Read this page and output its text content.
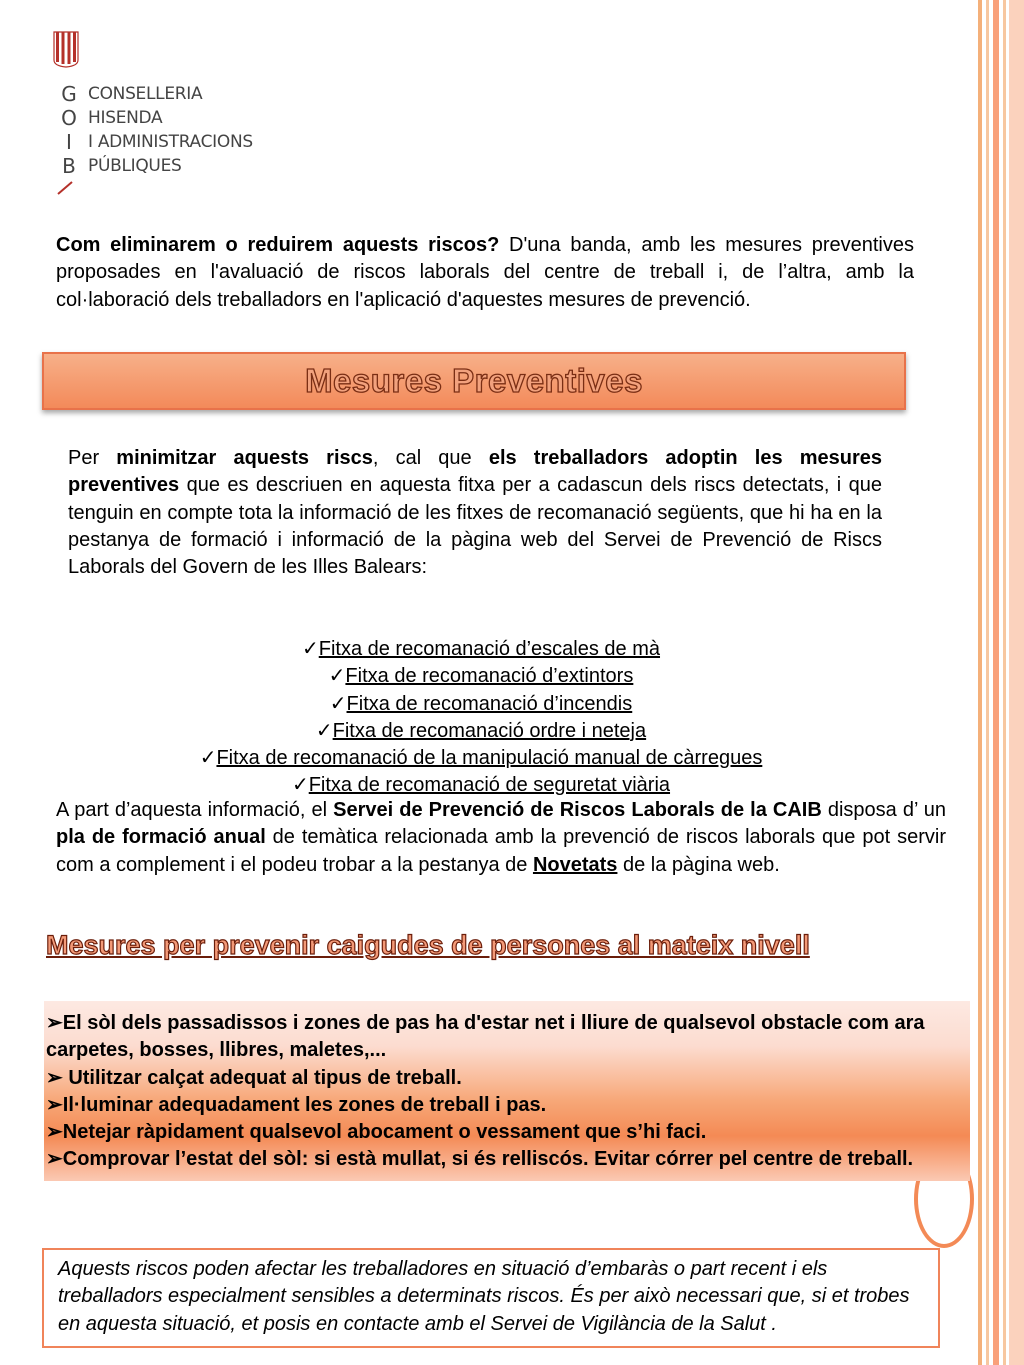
G
O
I
B
CONSELLERIA
HISENDA
I ADMINISTRACIONS
PÚBLIQUES
Com eliminarem o reduirem aquests riscos? D'una banda, amb les mesures preventives proposades en l'avaluació de riscos laborals del centre de treball i, de l’altra, amb la col·laboració dels treballadors en l'aplicació d'aquestes mesures de prevenció.
Mesures Preventives
Per minimitzar aquests riscs, cal que els treballadors adoptin les mesures preventives que es descriuen en aquesta fitxa per a cadascun dels riscs detectats, i que tenguin en compte tota la informació de les fitxes de recomanació següents, que hi ha en la pestanya de formació i informació de la pàgina web del Servei de Prevenció de Riscs Laborals del Govern de les Illes Balears:
✓Fitxa de recomanació d’escales de mà
✓Fitxa de recomanació d’extintors
✓Fitxa de recomanació d’incendis
✓Fitxa de recomanació ordre i neteja
✓Fitxa de recomanació de la manipulació manual de càrregues
✓Fitxa de recomanació de seguretat viària
A part d’aquesta informació, el Servei de Prevenció de Riscos Laborals de la CAIB disposa d’ un pla de formació anual de temàtica relacionada amb la prevenció de riscos laborals que pot servir com a complement i el podeu trobar a la pestanya de Novetats de la pàgina web.
Mesures per prevenir caigudes de persones al mateix nivell
➢El sòl dels passadissos i zones de pas ha d'estar net i lliure de qualsevol obstacle com ara carpetes, bosses, llibres, maletes,...
➢ Utilitzar calçat adequat al tipus de treball.
➢Il·luminar adequadament les zones de treball i pas.
➢Netejar ràpidament qualsevol abocament o vessament que s’hi faci.
➢Comprovar l’estat del sòl: si està mullat, si és relliscós. Evitar córrer pel centre de treball.
Aquests riscos poden afectar les treballadores en situació d’embaràs o part recent i els treballadors especialment sensibles a determinats riscos. És per això necessari que, si et trobes en aquesta situació, et posis en contacte amb el Servei de Vigilància de la Salut .
